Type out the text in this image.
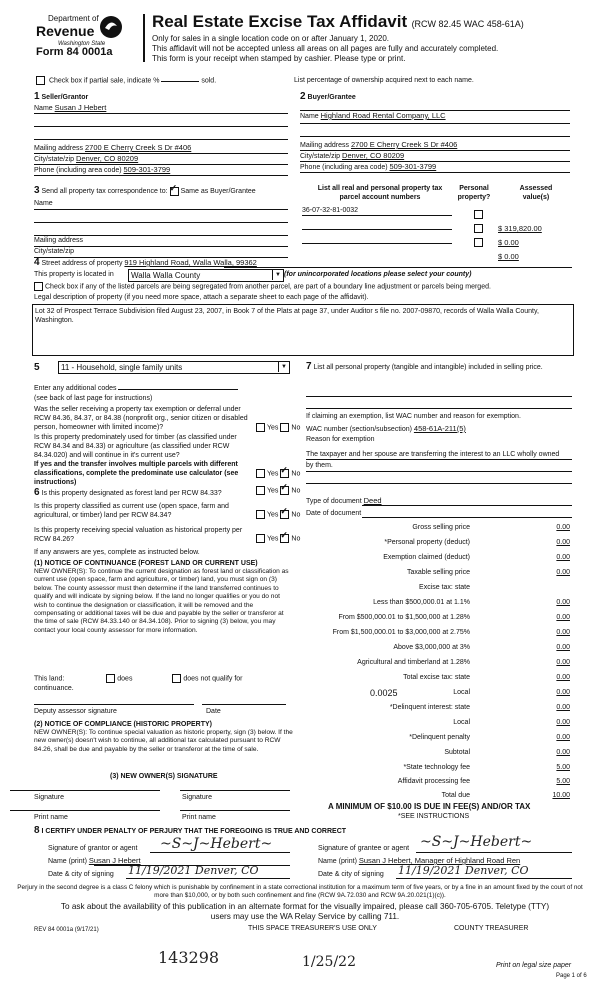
Department of
Revenue
Washington State
Form 84 0001a
Real Estate Excise Tax Affidavit (RCW 82.45 WAC 458-61A)
Only for sales in a single location code on or after January 1, 2020.
This affidavit will not be accepted unless all areas on all pages are fully and accurately completed.
This form is your receipt when stamped by cashier. Please type or print.
Check box if partial sale, indicate %	sold.	List percentage of ownership acquired next to each name.
1 Seller/Grantor
Name Susan J Hebert
Mailing address 2700 E Cherry Creek S Dr #406
City/state/zip Denver, CO 80209
Phone (including area code) 509-301-3799
2 Buyer/Grantee
Name Highland Road Rental Company, LLC
Mailing address 2700 E Cherry Creek S Dr #406
City/state/zip Denver, CO 80209
Phone (including area code) 509-301-3799
3 Send all property tax correspondence to: ✓ Same as Buyer/Grantee
Name
Mailing address
City/state/zip
List all real and personal property tax parcel account numbers
Personal property?
Assessed value(s)
36-07-32-81-0032
$ 319,820.00
$ 0.00
$ 0.00
4 Street address of property 919 Highland Road, Walla Walla, 99362
This property is located in	Walla Walla County	▼ (for unincorporated locations please select your county)
Check box if any of the listed parcels are being segregated from another parcel, are part of a boundary line adjustment or parcels being merged.
Legal description of property (if you need more space, attach a separate sheet to each page of the affidavit).
Lot 32 of Prospect Terrace Subdivision filed August 23, 2007, in Book 7 of the Plats at page 37, under Auditor s file no. 2007-09870, records of Walla Walla County, Washington.
5	11 - Household, single family units	▼
Enter any additional codes
(see back of last page for instructions)
Was the seller receiving a property tax exemption or deferral under RCW 84.36, 84.37, or 84.38 (nonprofit org., senior citizen or disabled person, homeowner with limited income)?	Yes No
Is this property predominately used for timber (as classified under RCW 84.34 and 84.33) or agriculture (as classified under RCW 84.34.020) and will continue in it's current use?
If yes and the transfer involves multiple parcels with different classifications, complete the predominate use calculator (see instructions)
Yes ✓ No
6 Is this property designated as forest land per RCW 84.33?	Yes ✓ No
Is this property classified as current use (open space, farm and agricultural, or timber) land per RCW 84.34?	Yes ✓ No
Is this property receiving special valuation as historical property per RCW 84.26?	Yes ✓ No
If any answers are yes, complete as instructed below.
(1) NOTICE OF CONTINUANCE (FOREST LAND OR CURRENT USE)
NEW OWNER(S): To continue the current designation as forest land or classification as current use (open space, farm and agriculture, or timber) land, you must sign on (3) below. The county assessor must then determine if the land transferred continues to qualify and will indicate by signing below. If the land no longer qualifies or you do not wish to continue the designation or classification, it will be removed and the compensating or additional taxes will be due and payable by the seller or transferor at the time of sale (RCW 84.33.140 or 84.34.108). Prior to signing (3) below, you may contact your local county assessor for more information.
This land:	does	does not qualify for
continuance.
Deputy assessor signature	Date
(2) NOTICE OF COMPLIANCE (HISTORIC PROPERTY)
NEW OWNER(S): To continue special valuation as historic property, sign (3) below. If the new owner(s) doesn't wish to continue, all additional tax calculated pursuant to RCW 84.26, shall be due and payable by the seller or transferor at the time of sale.
(3) NEW OWNER(S) SIGNATURE
Signature	Signature
Print name	Print name
7 List all personal property (tangible and intangible) included in selling price.
If claiming an exemption, list WAC number and reason for exemption.
WAC number (section/subsection) 458-61A-211(5)
Reason for exemption
The taxpayer and her spouse are transferring the interest to an LLC wholly owned by them.
Type of document Deed
Date of document
Gross selling price	0.00
*Personal property (deduct)	0.00
Exemption claimed (deduct)	0.00
Taxable selling price	0.00
Excise tax: state
Less than $500,000.01 at 1.1%	0.00
From $500,000.01 to $1,500,000 at 1.28%	0.00
From $1,500,000.01 to $3,000,000 at 2.75%	0.00
Above $3,000,000 at 3%	0.00
Agricultural and timberland at 1.28%	0.00
Total excise tax: state	0.00
0.0025	Local	0.00
*Delinquent interest: state	0.00
Local	0.00
*Delinquent penalty	0.00
Subtotal	0.00
*State technology fee	5.00
Affidavit processing fee	5.00
Total due	10.00
A MINIMUM OF $10.00 IS DUE IN FEE(S) AND/OR TAX
*SEE INSTRUCTIONS
8 I CERTIFY UNDER PENALTY OF PERJURY THAT THE FOREGOING IS TRUE AND CORRECT
Signature of grantor or agent ~S~J~Hebert~
Name (print) Susan J Hebert
Date & city of signing 11/19/2021 Denver, CO
Signature of grantee or agent ~S~J~Hebert~
Name (print) Susan J Hebert, Manager of Highland Road Ren
Date & city of signing 11/19/2021 Denver, CO
Perjury in the second degree is a class C felony which is punishable by confinement in a state correctional institution for a maximum term of five years, or by a fine in an amount fixed by the court of not more than $10,000, or by both such confinement and fine (RCW 9A.72.030 and RCW 9A.20.021(1)(c)).
To ask about the availability of this publication in an alternate format for the visually impaired, please call 360-705-6705. Teletype (TTY) users may use the WA Relay Service by calling 711.
REV 84 0001a (9/17/21)	THIS SPACE TREASURER'S USE ONLY	COUNTY TREASURER
143298	1/25/22	Print on legal size paper
Page 1 of 6
